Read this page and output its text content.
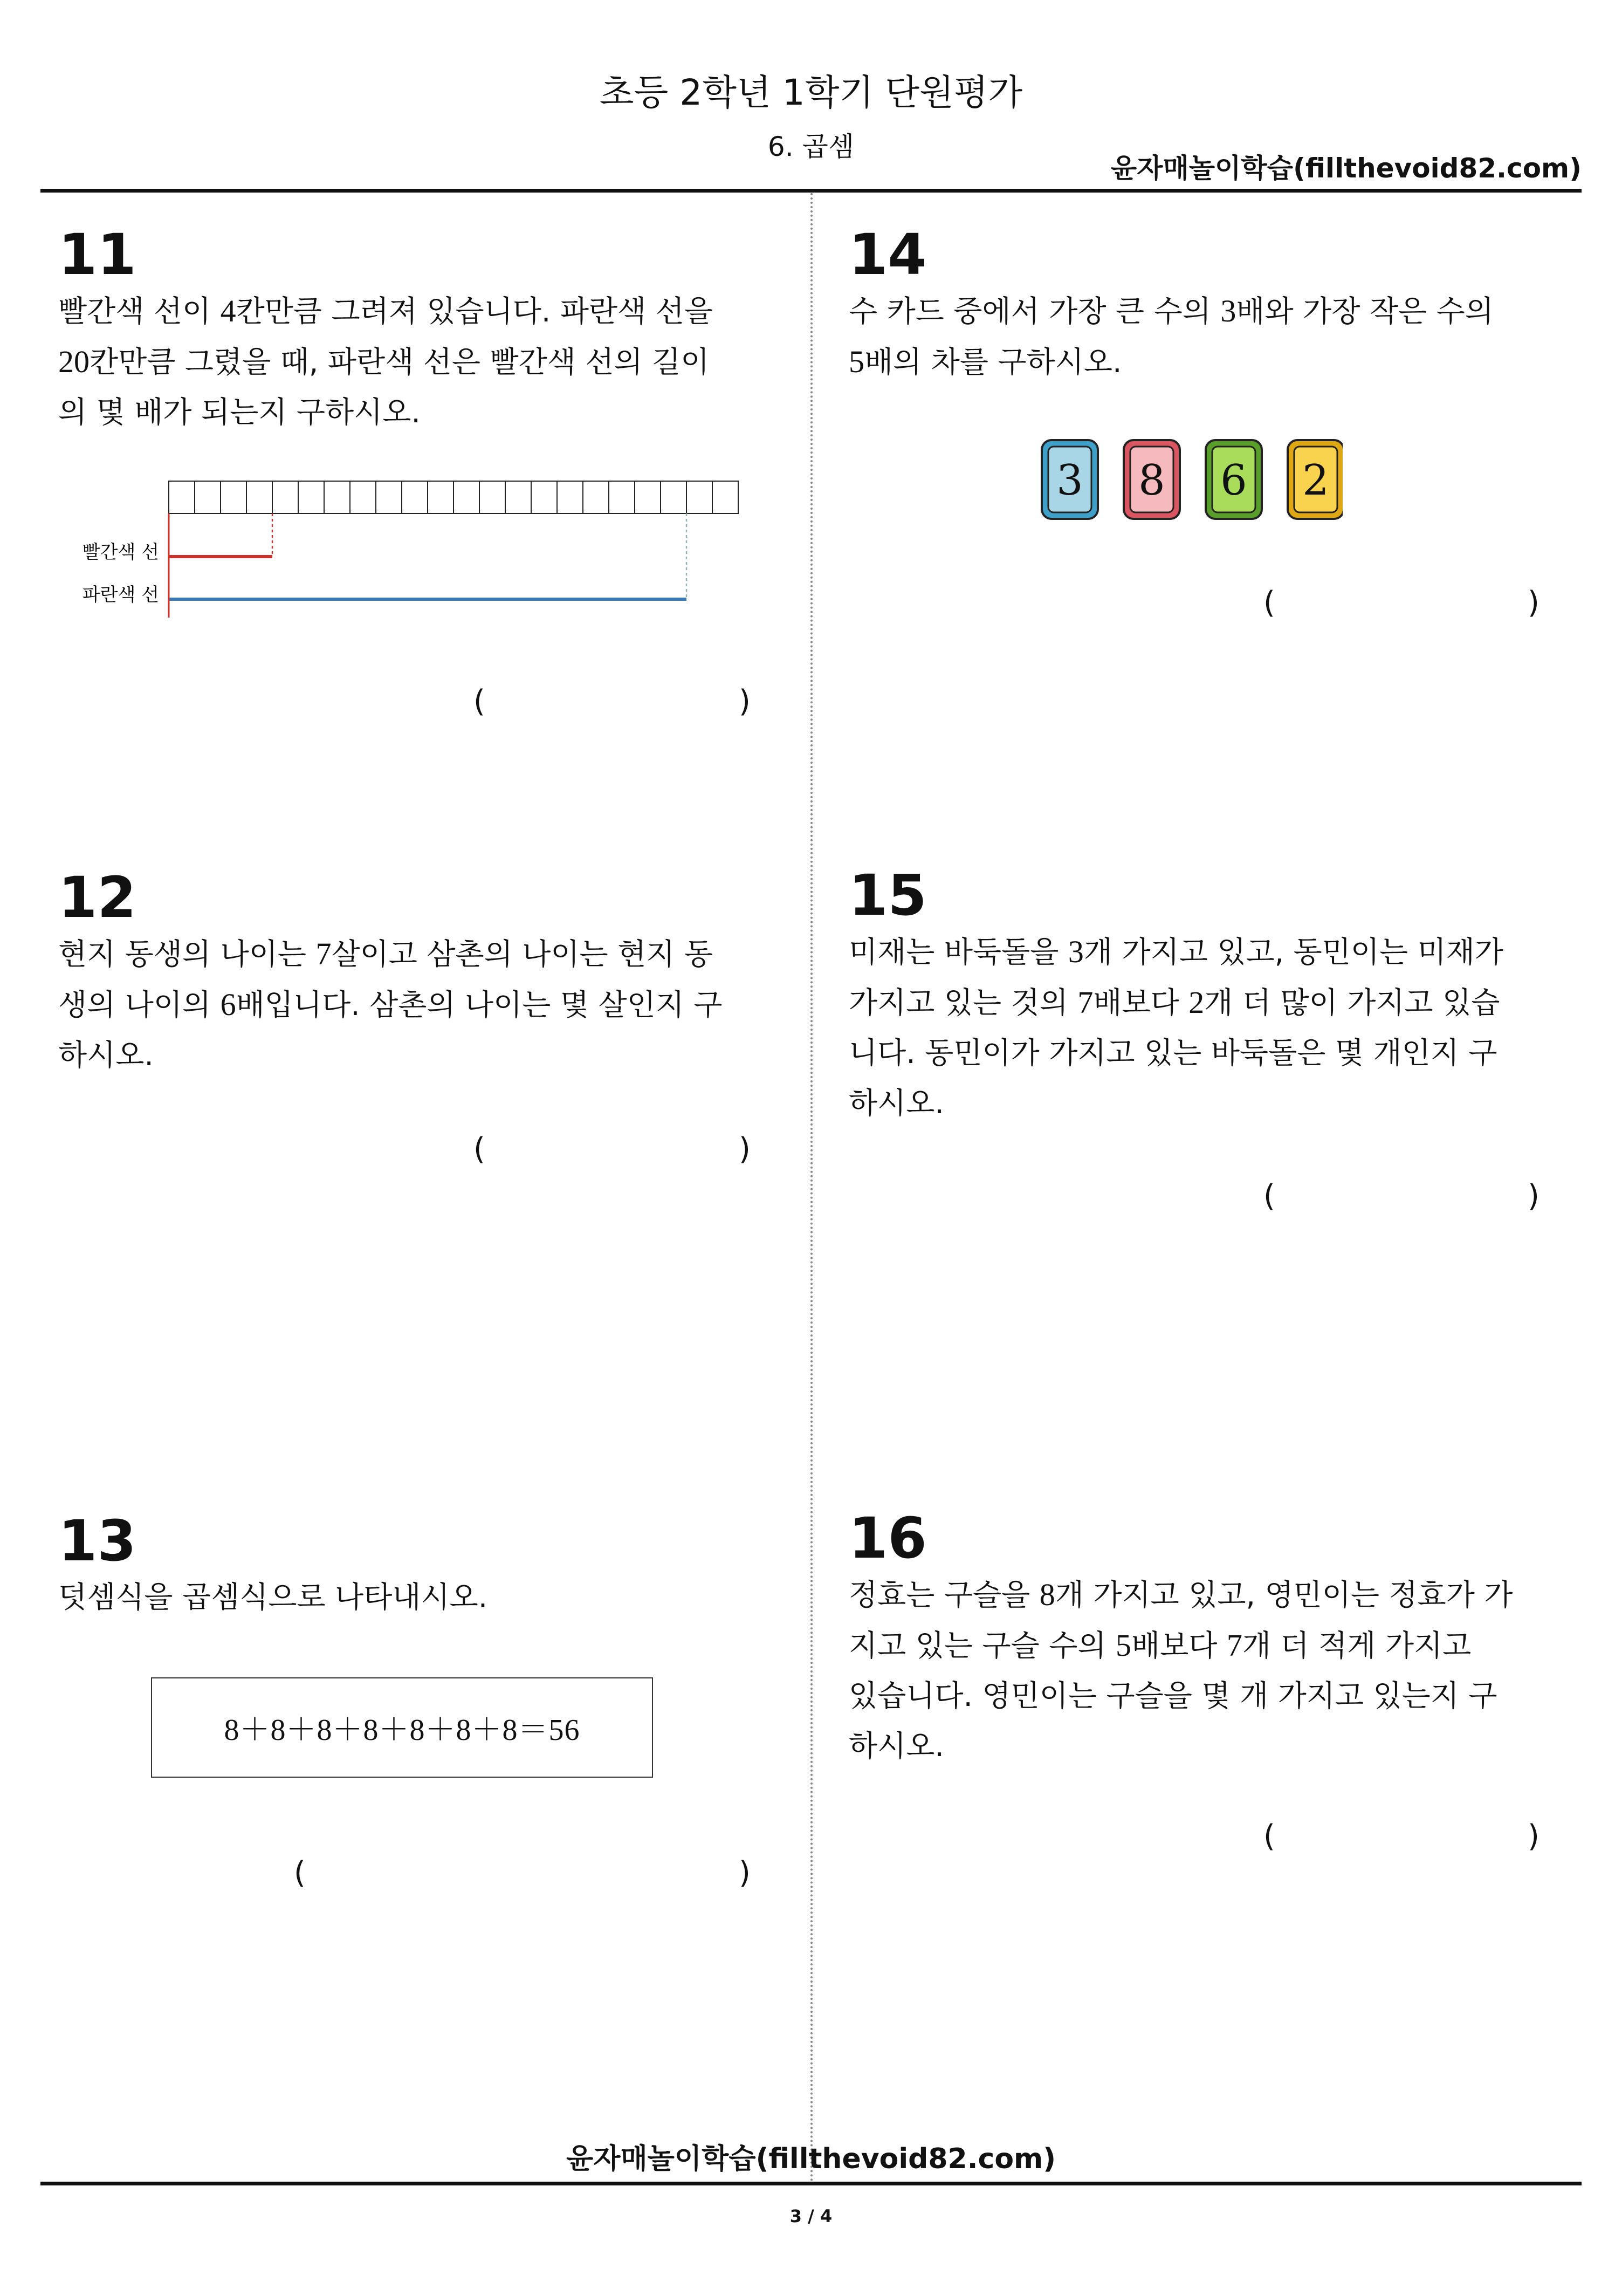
초등 2학년 1학기 단원평가
6. 곱셈
윤자매놀이학습(fillthevoid82.com)
11
빨간색 선이 4칸만큼 그려져 있습니다. 파란색 선을
20칸만큼 그렸을 때, 파란색 선은 빨간색 선의 길이
의 몇 배가 되는지 구하시오.
빨간색 선
파란색 선
(	)
12
현지 동생의 나이는 7살이고 삼촌의 나이는 현지 동
생의 나이의 6배입니다. 삼촌의 나이는 몇 살인지 구
하시오.
(	)
13
덧셈식을 곱셈식으로 나타내시오.
8＋8＋8＋8＋8＋8＋8＝56
(	)
14
수 카드 중에서 가장 큰 수의 3배와 가장 작은 수의
5배의 차를 구하시오.
3 8 6 2
(	)
15
미재는 바둑돌을 3개 가지고 있고, 동민이는 미재가
가지고 있는 것의 7배보다 2개 더 많이 가지고 있습
니다. 동민이가 가지고 있는 바둑돌은 몇 개인지 구
하시오.
(	)
16
정효는 구슬을 8개 가지고 있고, 영민이는 정효가 가
지고 있는 구슬 수의 5배보다 7개 더 적게 가지고
있습니다. 영민이는 구슬을 몇 개 가지고 있는지 구
하시오.
(	)
윤자매놀이학습(fillthevoid82.com)
3 / 4
